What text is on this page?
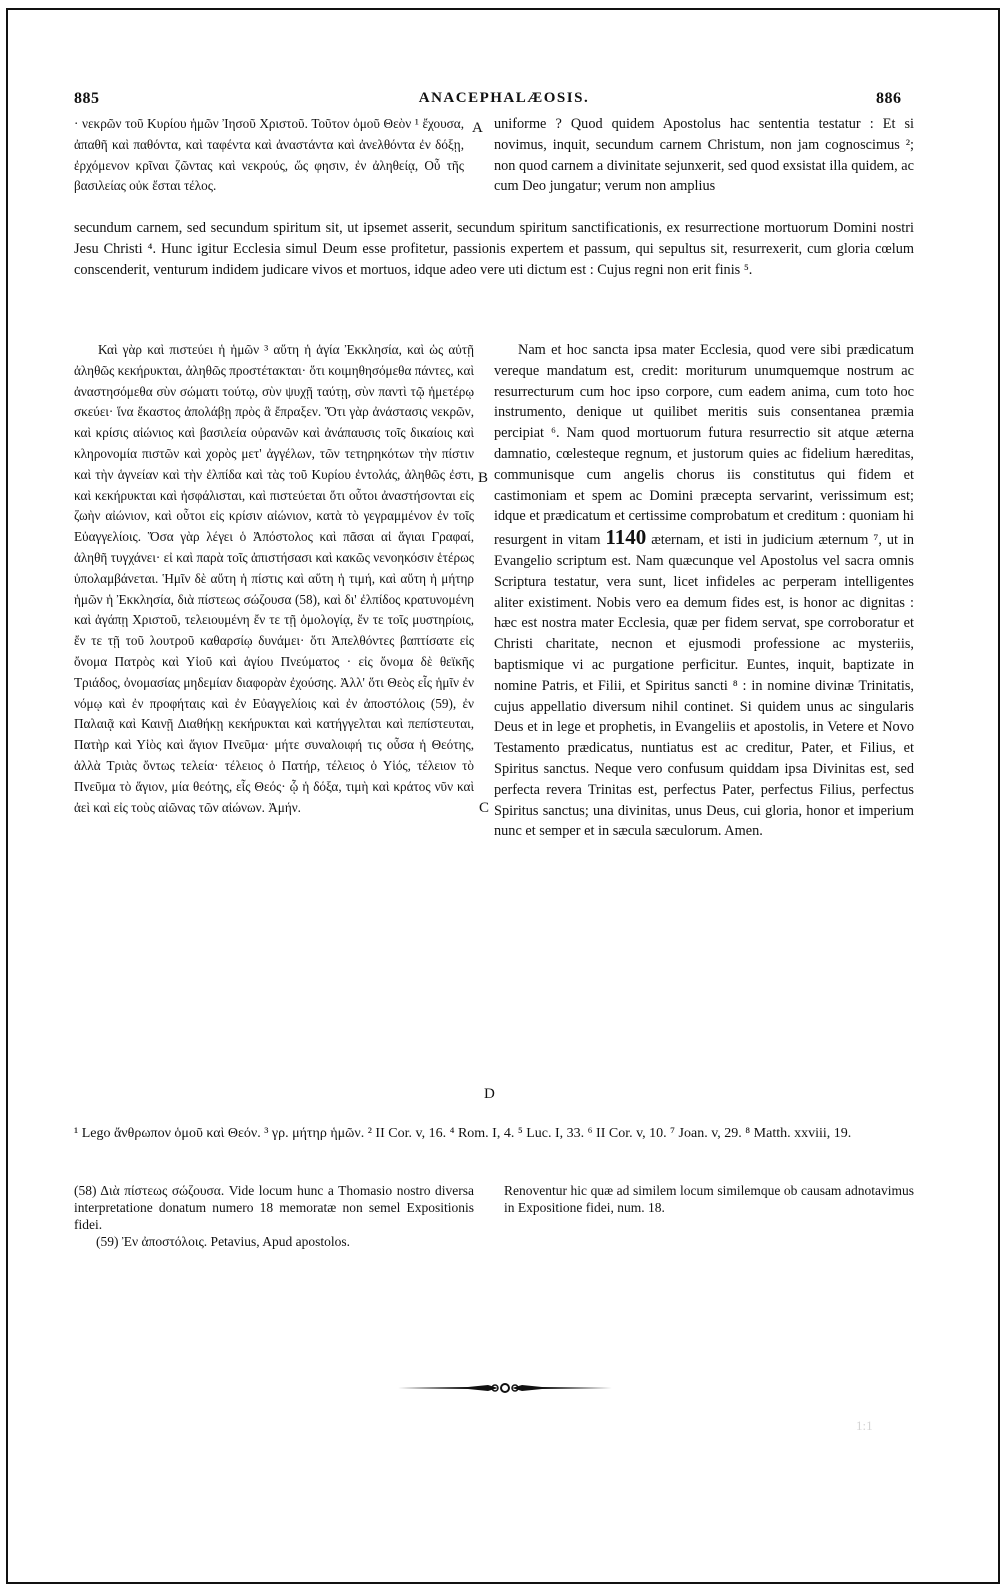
885	ANACEPHALÆOSIS.	886
· νεκρῶν τοῦ Κυρίου ἡμῶν Ἰησοῦ Χριστοῦ. Τοῦτον ὁμοῦ Θεὸν ¹ ἔχουσα, ἀπαθῆ καὶ παθόντα, καὶ ταφέντα καὶ ἀναστάντα καὶ ἀνελθόντα ἐν δόξῃ, ἐρχόμενον κρῖναι ζῶντας καὶ νεκρούς, ὥς φησιν, ἐν ἀληθείᾳ, Οὗ τῆς βασιλείας οὐκ ἔσται τέλος.
uniforme ? Quod quidem Apostolus hac sententia testatur : Et si novimus, inquit, secundum carnem Christum, non jam cognoscimus ²; non quod carnem a divinitate sejunxerit, sed quod exsistat illa quidem, ac cum Deo jungatur; verum non amplius
secundum carnem, sed secundum spiritum sit, ut ipsemet asserit, secundum spiritum sanctificationis, ex resurrectione mortuorum Domini nostri Jesu Christi ⁴. Hunc igitur Ecclesia simul Deum esse profitetur, passionis expertem et passum, qui sepultus sit, resurrexerit, cum gloria cœlum conscenderit, venturum indidem judicare vivos et mortuos, idque adeo vere uti dictum est : Cujus regni non erit finis ⁵.

Καὶ γὰρ καὶ πιστεύει ἡ ἡμῶν ³ αὕτη ἡ ἁγία Ἐκκλησία, καὶ ὡς αὐτῇ ἀληθῶς κεκήρυκται, ἀληθῶς προστέτακται· ὅτι κοιμηθησόμεθα πάντες, καὶ ἀναστησόμεθα σὺν σώματι τούτῳ, σὺν ψυχῇ ταύτῃ, σὺν παντὶ τῷ ἡμετέρῳ σκεύει· ἵνα ἕκαστος ἀπολάβῃ πρὸς ἃ ἔπραξεν. Ὅτι γὰρ ἀνάστασις νεκρῶν, καὶ κρίσις αἰώνιος καὶ βασιλεία οὐρανῶν καὶ ἀνάπαυσις τοῖς δικαίοις καὶ κληρονομία πιστῶν καὶ χορὸς μετ' ἀγγέλων, τῶν τετηρηκότων τὴν πίστιν καὶ τὴν ἁγνείαν καὶ τὴν ἐλπίδα καὶ τὰς τοῦ Κυρίου ἐντολάς, ἀληθῶς ἐστι, καὶ κεκήρυκται καὶ ἠσφάλισται, καὶ πιστεύεται ὅτι οὗτοι ἀναστήσονται εἰς ζωὴν αἰώνιον, καὶ οὗτοι εἰς κρίσιν αἰώνιον, κατὰ τὸ γεγραμμένον ἐν τοῖς Εὐαγγελίοις. Ὅσα γὰρ λέγει ὁ Ἀπόστολος καὶ πᾶσαι αἱ ἅγιαι Γραφαί, ἀληθῆ τυγχάνει· εἰ καὶ παρὰ τοῖς ἀπιστήσασι καὶ κακῶς νενοηκόσιν ἑτέρως ὑπολαμβάνεται. Ἡμῖν δὲ αὕτη ἡ πίστις καὶ αὕτη ἡ τιμή, καὶ αὕτη ἡ μήτηρ ἡμῶν ἡ Ἐκκλησία, διὰ πίστεως σώζουσα (58), καὶ δι' ἐλπίδος κρατυνομένη καὶ ἀγάπῃ Χριστοῦ, τελειουμένη ἔν τε τῇ ὁμολογίᾳ, ἔν τε τοῖς μυστηρίοις, ἔν τε τῇ τοῦ λουτροῦ καθαρσίῳ δυνάμει· ὅτι Ἀπελθόντες βαπτίσατε εἰς ὄνομα Πατρὸς καὶ Υἱοῦ καὶ ἁγίου Πνεύματος · εἰς ὄνομα δὲ θεϊκῆς Τριάδος, ὀνομασίας μηδεμίαν διαφορὰν ἐχούσης. Ἀλλ' ὅτι Θεὸς εἷς ἡμῖν ἐν νόμῳ καὶ ἐν προφήταις καὶ ἐν Εὐαγγελίοις καὶ ἐν ἀποστόλοις (59), ἐν Παλαιᾷ καὶ Καινῇ Διαθήκῃ κεκήρυκται καὶ κατήγγελται καὶ πεπίστευται, Πατὴρ καὶ Υἱὸς καὶ ἅγιον Πνεῦμα· μήτε συναλοιφή τις οὖσα ἡ Θεότης, ἀλλὰ Τριὰς ὄντως τελεία· τέλειος ὁ Πατήρ, τέλειος ὁ Υἱός, τέλειον τὸ Πνεῦμα τὸ ἅγιον, μία θεότης, εἷς Θεός· ᾧ ἡ δόξα, τιμὴ καὶ κράτος νῦν καὶ ἀεὶ καὶ εἰς τοὺς αἰῶνας τῶν αἰώνων. Ἀμήν.

Nam et hoc sancta ipsa mater Ecclesia, quod vere sibi prædicatum vereque mandatum est, credit: moriturum unumquemque nostrum ac resurrecturum cum hoc ipso corpore, cum eadem anima, cum toto hoc instrumento, denique ut quilibet meritis suis consentanea præmia percipiat ⁶. Nam quod mortuorum futura resurrectio sit atque æterna damnatio, cœlesteque regnum, et justorum quies ac fidelium hæreditas, communisque cum angelis chorus iis constitutus qui fidem et castimoniam et spem ac Domini præcepta servarint, verissimum est; idque et prædicatum et certissime comprobatum et creditum : quoniam hi resurgent in vitam 1140 æternam, et isti in judicium æternum ⁷, ut in Evangelio scriptum est. Nam quæcunque vel Apostolus vel sacra omnis Scriptura testatur, vera sunt, licet infideles ac perperam intelligentes aliter existiment. Nobis vero ea demum fides est, is honor ac dignitas : hæc est nostra mater Ecclesia, quæ per fidem servat, spe corroboratur et Christi charitate, necnon et ejusmodi professione ac mysteriis, baptismique vi ac purgatione perficitur. Euntes, inquit, baptizate in nomine Patris, et Filii, et Spiritus sancti ⁸ : in nomine divinæ Trinitatis, cujus appellatio diversum nihil continet. Si quidem unus ac singularis Deus et in lege et prophetis, in Evangeliis et apostolis, in Vetere et Novo Testamento prædicatus, nuntiatus est ac creditur, Pater, et Filius, et Spiritus sanctus. Neque vero confusum quiddam ipsa Divinitas est, sed perfecta revera Trinitas est, perfectus Pater, perfectus Filius, perfectus Spiritus sanctus; una divinitas, unus Deus, cui gloria, honor et imperium nunc et semper et in sæcula sæculorum. Amen.

A
B
C
D
¹ Lego ἄνθρωπον ὁμοῦ καὶ Θεόν. ³ γρ. μήτηρ ἡμῶν. ² II Cor. v, 16. ⁴ Rom. I, 4. ⁵ Luc. I, 33. ⁶ II Cor. v, 10. ⁷ Joan. v, 29. ⁸ Matth. xxviii, 19.

(58) Διὰ πίστεως σώζουσα. Vide locum hunc a Thomasio nostro diversa interpretatione donatum numero 18 memoratæ non semel Expositionis fidei.

(59) Ἐν ἀποστόλοις. Petavius, Apud apostolos.

Renoventur hic quæ ad similem locum similemque ob causam adnotavimus in Expositione fidei, num. 18.
1:1
